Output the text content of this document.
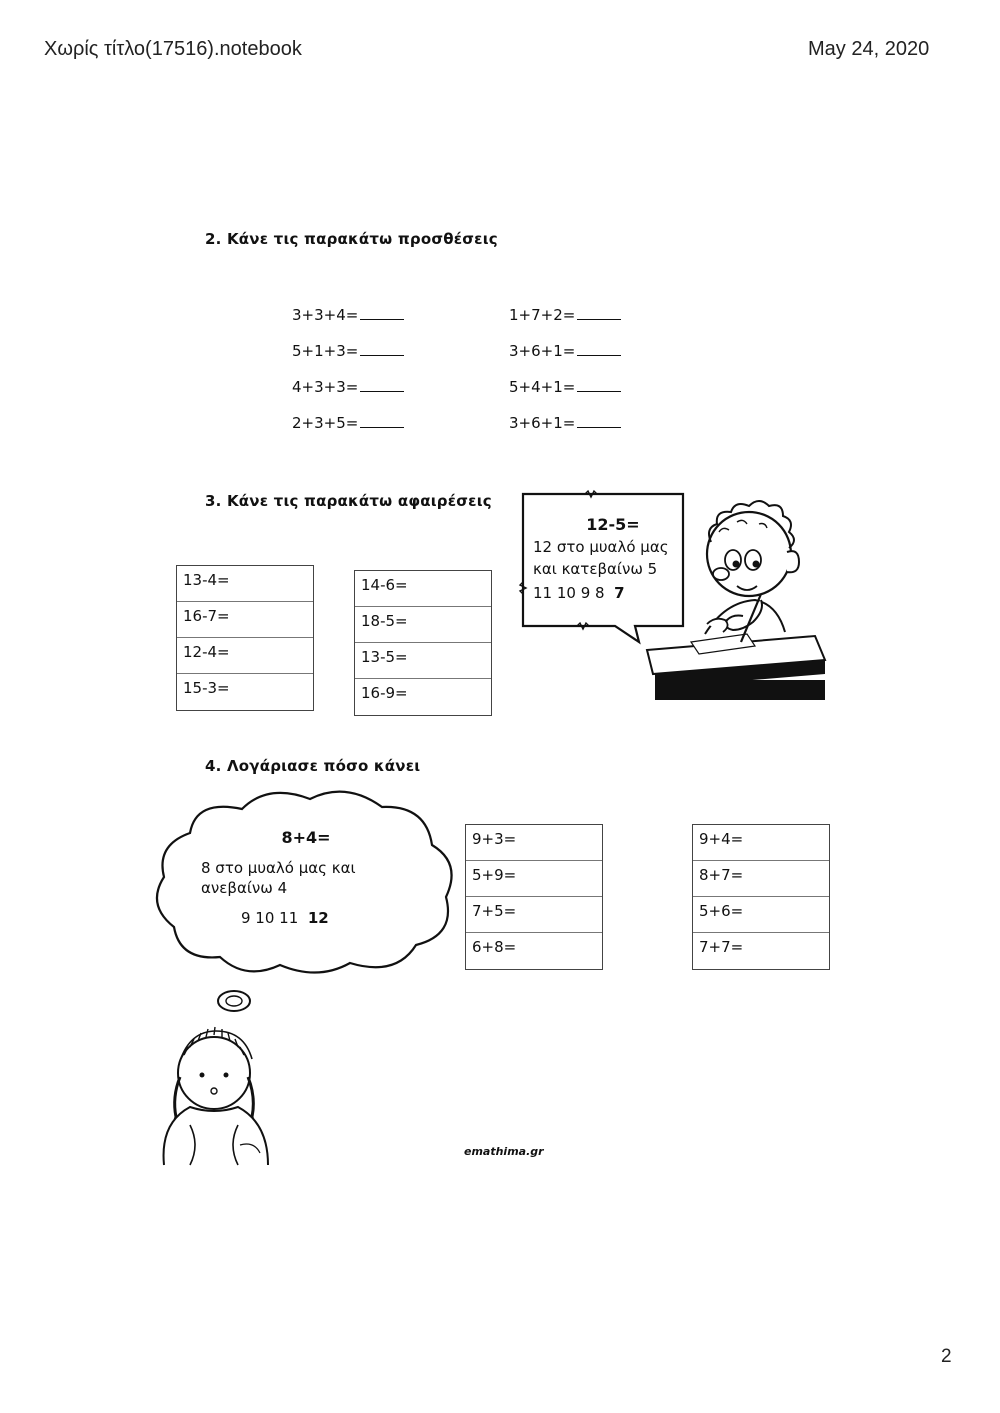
Χωρίς τίτλο(17516).notebook	May 24, 2020
2. Κάνε τις παρακάτω προσθέσεις
3+3+4=
5+1+3=
4+3+3=
2+3+5=
1+7+2=
3+6+1=
5+4+1=
3+6+1=
3. Κάνε τις παρακάτω αφαιρέσεις
13-4=
16-7=
12-4=
15-3=
14-6=
18-5=
13-5=
16-9=
12-5=
12 στο μυαλό μας
και κατεβαίνω 5
11 10 9 8 7
4. Λογάριασε πόσο κάνει
8+4=
8 στο μυαλό μας και
ανεβαίνω 4
9 10 11 12
9+3=
5+9=
7+5=
6+8=
9+4=
8+7=
5+6=
7+7=
emathima.gr
2
